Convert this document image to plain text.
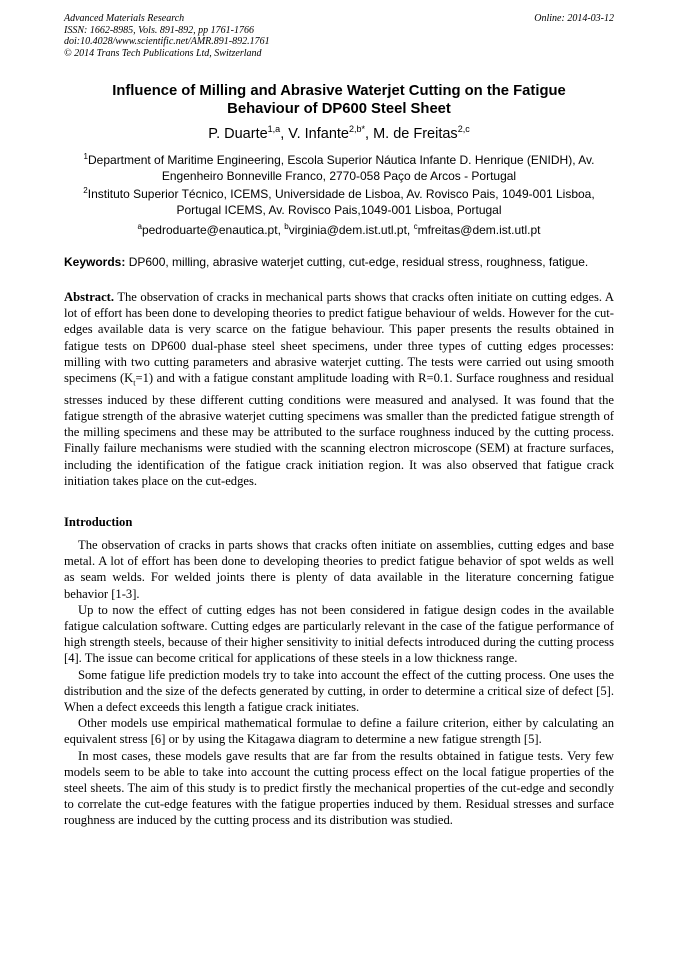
Advanced Materials Research
ISSN: 1662-8985, Vols. 891-892, pp 1761-1766
doi:10.4028/www.scientific.net/AMR.891-892.1761
© 2014 Trans Tech Publications Ltd, Switzerland
Online: 2014-03-12
Influence of Milling and Abrasive Waterjet Cutting on the Fatigue
Behaviour of DP600 Steel Sheet
P. Duarte$^{1,a}$, V. Infante$^{2,b*}$, M. de Freitas$^{2,c}$
$^1$Department of Maritime Engineering, Escola Superior Náutica Infante D. Henrique (ENIDH), Av.
Engenheiro Bonneville Franco, 2770-058 Paço de Arcos - Portugal
$^2$Instituto Superior Técnico, ICEMS, Universidade de Lisboa, Av. Rovisco Pais, 1049-001 Lisboa,
Portugal ICEMS, Av. Rovisco Pais,1049-001 Lisboa, Portugal
$^a$pedroduarte@enautica.pt, $^b$virginia@dem.ist.utl.pt, $^c$mfreitas@dem.ist.utl.pt
Keywords: DP600, milling, abrasive waterjet cutting, cut-edge, residual stress, roughness, fatigue.
Abstract. The observation of cracks in mechanical parts shows that cracks often initiate on cutting edges. A lot of effort has been done to developing theories to predict fatigue behaviour of welds. However for the cut-edges available data is very scarce on the fatigue behaviour. This paper presents the results obtained in fatigue tests on DP600 dual-phase steel sheet specimens, under three types of cutting edges processes: milling with two cutting parameters and abrasive waterjet cutting. The tests were carried out using smooth specimens $(K_t=1)$ and with a fatigue constant amplitude loading with R=0.1. Surface roughness and residual stresses induced by these different cutting conditions were measured and analysed. It was found that the fatigue strength of the abrasive waterjet cutting specimens was smaller than the predicted fatigue strength of the milling specimens and these may be attributed to the surface roughness induced by the cutting process. Finally failure mechanisms were studied with the scanning electron microscope (SEM) at fracture surfaces, including the identification of the fatigue crack initiation region. It was also observed that fatigue crack initiation takes place on the cut-edges.
Introduction

The observation of cracks in parts shows that cracks often initiate on assemblies, cutting edges and base metal. A lot of effort has been done to developing theories to predict fatigue behavior of spot welds as well as seam welds. For welded joints there is plenty of data available in the literature concerning fatigue behavior [1-3].

Up to now the effect of cutting edges has not been considered in fatigue design codes in the available fatigue calculation software. Cutting edges are particularly relevant in the case of the fatigue performance of high strength steels, because of their higher sensitivity to initial defects introduced during the cutting process [4]. The issue can become critical for applications of these steels in a low thickness range.

Some fatigue life prediction models try to take into account the effect of the cutting process. One uses the distribution and the size of the defects generated by cutting, in order to determine a critical size of defect [5]. When a defect exceeds this length a fatigue crack initiates.

Other models use empirical mathematical formulae to define a failure criterion, either by calculating an equivalent stress [6] or by using the Kitagawa diagram to determine a new fatigue strength [5].

In most cases, these models gave results that are far from the results obtained in fatigue tests. Very few models seem to be able to take into account the cutting process effect on the local fatigue properties of the steel sheets. The aim of this study is to predict firstly the mechanical properties of the cut-edge and secondly to correlate the cut-edge features with the fatigue properties induced by them. Residual stresses and surface roughness are induced by the cutting process and its distribution was studied.
